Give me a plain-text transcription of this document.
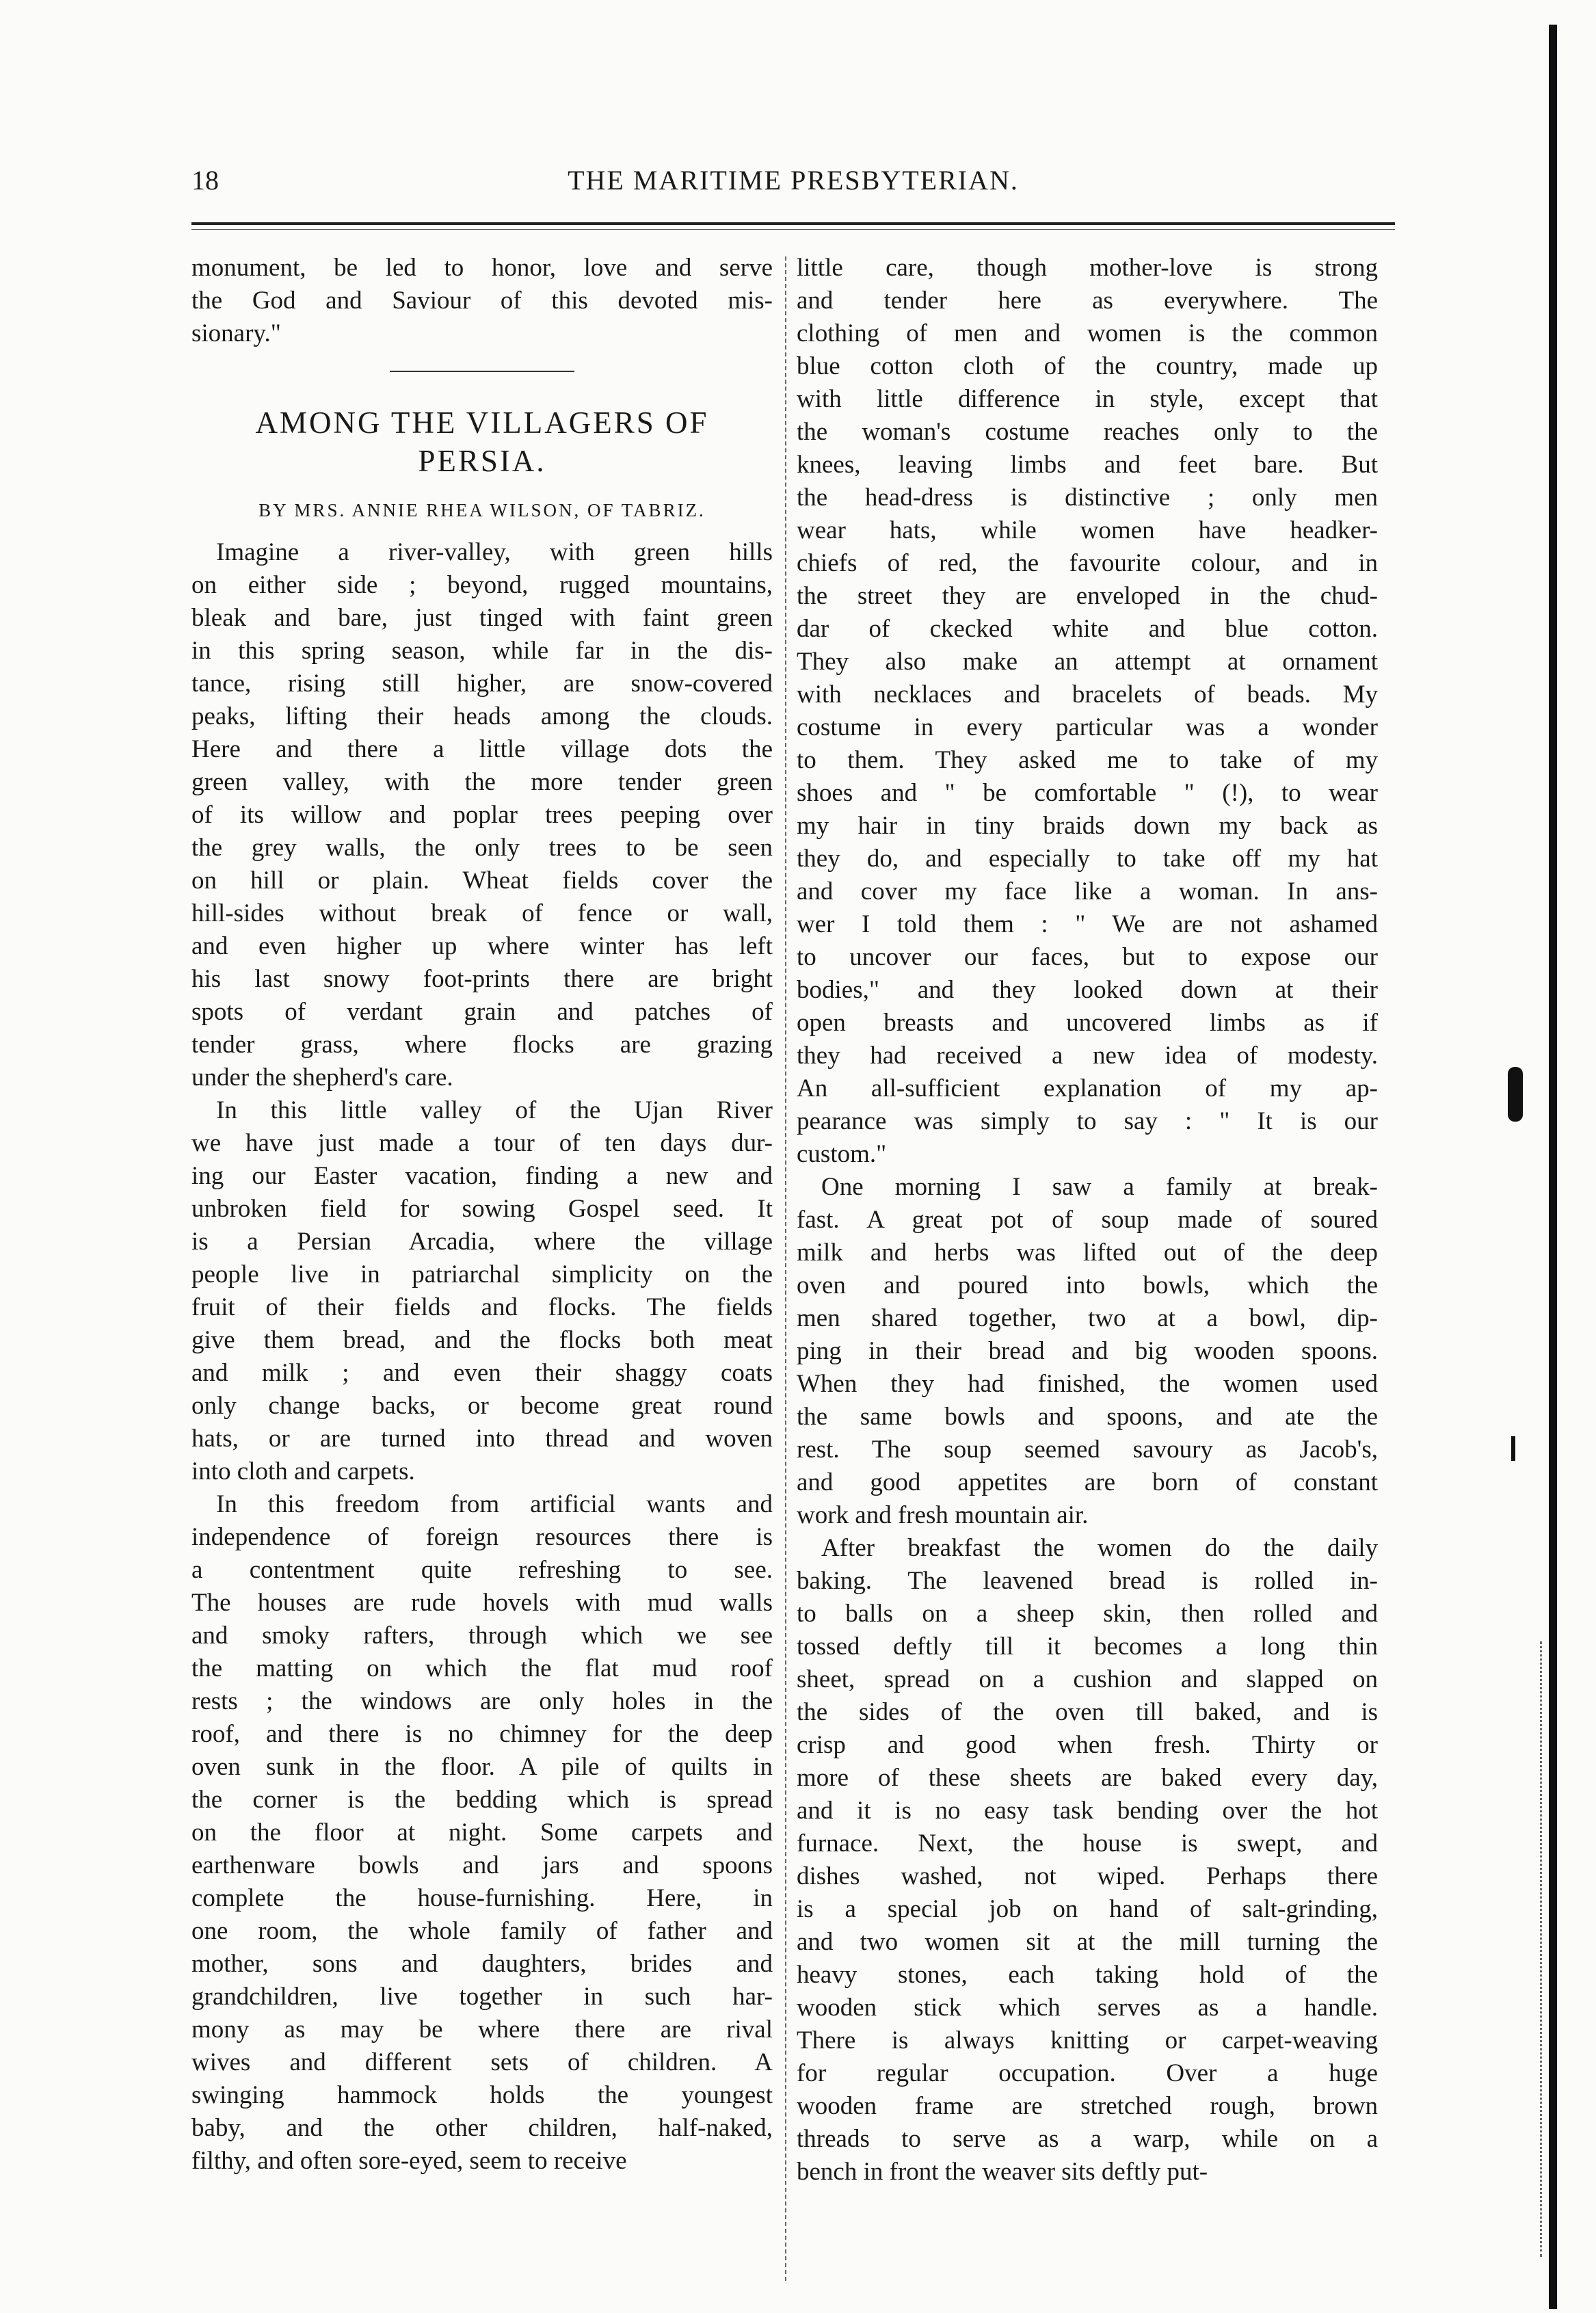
18	THE MARITIME PRESBYTERIAN.
monument, be led to honor, love and serve
the God and Saviour of this devoted mis-
sionary."
AMONG THE VILLAGERS OF
PERSIA.
BY MRS. ANNIE RHEA WILSON, OF TABRIZ.
Imagine a river-valley, with green hills
on either side ; beyond, rugged mountains,
bleak and bare, just tinged with faint green
in this spring season, while far in the dis-
tance, rising still higher, are snow-covered
peaks, lifting their heads among the clouds.
Here and there a little village dots the
green valley, with the more tender green
of its willow and poplar trees peeping over
the grey walls, the only trees to be seen
on hill or plain. Wheat fields cover the
hill-sides without break of fence or wall,
and even higher up where winter has left
his last snowy foot-prints there are bright
spots of verdant grain and patches of
tender grass, where flocks are grazing
under the shepherd's care.
In this little valley of the Ujan River
we have just made a tour of ten days dur-
ing our Easter vacation, finding a new and
unbroken field for sowing Gospel seed. It
is a Persian Arcadia, where the village
people live in patriarchal simplicity on the
fruit of their fields and flocks. The fields
give them bread, and the flocks both meat
and milk ; and even their shaggy coats
only change backs, or become great round
hats, or are turned into thread and woven
into cloth and carpets.
In this freedom from artificial wants and
independence of foreign resources there is
a contentment quite refreshing to see.
The houses are rude hovels with mud walls
and smoky rafters, through which we see
the matting on which the flat mud roof
rests ; the windows are only holes in the
roof, and there is no chimney for the deep
oven sunk in the floor. A pile of quilts in
the corner is the bedding which is spread
on the floor at night. Some carpets and
earthenware bowls and jars and spoons
complete the house-furnishing. Here, in
one room, the whole family of father and
mother, sons and daughters, brides and
grandchildren, live together in such har-
mony as may be where there are rival
wives and different sets of children. A
swinging hammock holds the youngest
baby, and the other children, half-naked,
filthy, and often sore-eyed, seem to receive
little care, though mother-love is strong
and tender here as everywhere. The
clothing of men and women is the common
blue cotton cloth of the country, made up
with little difference in style, except that
the woman's costume reaches only to the
knees, leaving limbs and feet bare. But
the head-dress is distinctive ; only men
wear hats, while women have headker-
chiefs of red, the favourite colour, and in
the street they are enveloped in the chud-
dar of ckecked white and blue cotton.
They also make an attempt at ornament
with necklaces and bracelets of beads. My
costume in every particular was a wonder
to them. They asked me to take of my
shoes and " be comfortable " (!), to wear
my hair in tiny braids down my back as
they do, and especially to take off my hat
and cover my face like a woman. In ans-
wer I told them : " We are not ashamed
to uncover our faces, but to expose our
bodies," and they looked down at their
open breasts and uncovered limbs as if
they had received a new idea of modesty.
An all-sufficient explanation of my ap-
pearance was simply to say : " It is our
custom."
One morning I saw a family at break-
fast. A great pot of soup made of soured
milk and herbs was lifted out of the deep
oven and poured into bowls, which the
men shared together, two at a bowl, dip-
ping in their bread and big wooden spoons.
When they had finished, the women used
the same bowls and spoons, and ate the
rest. The soup seemed savoury as Jacob's,
and good appetites are born of constant
work and fresh mountain air.
After breakfast the women do the daily
baking. The leavened bread is rolled in-
to balls on a sheep skin, then rolled and
tossed deftly till it becomes a long thin
sheet, spread on a cushion and slapped on
the sides of the oven till baked, and is
crisp and good when fresh. Thirty or
more of these sheets are baked every day,
and it is no easy task bending over the hot
furnace. Next, the house is swept, and
dishes washed, not wiped. Perhaps there
is a special job on hand of salt-grinding,
and two women sit at the mill turning the
heavy stones, each taking hold of the
wooden stick which serves as a handle.
There is always knitting or carpet-weaving
for regular occupation. Over a huge
wooden frame are stretched rough, brown
threads to serve as a warp, while on a
bench in front the weaver sits deftly put-
